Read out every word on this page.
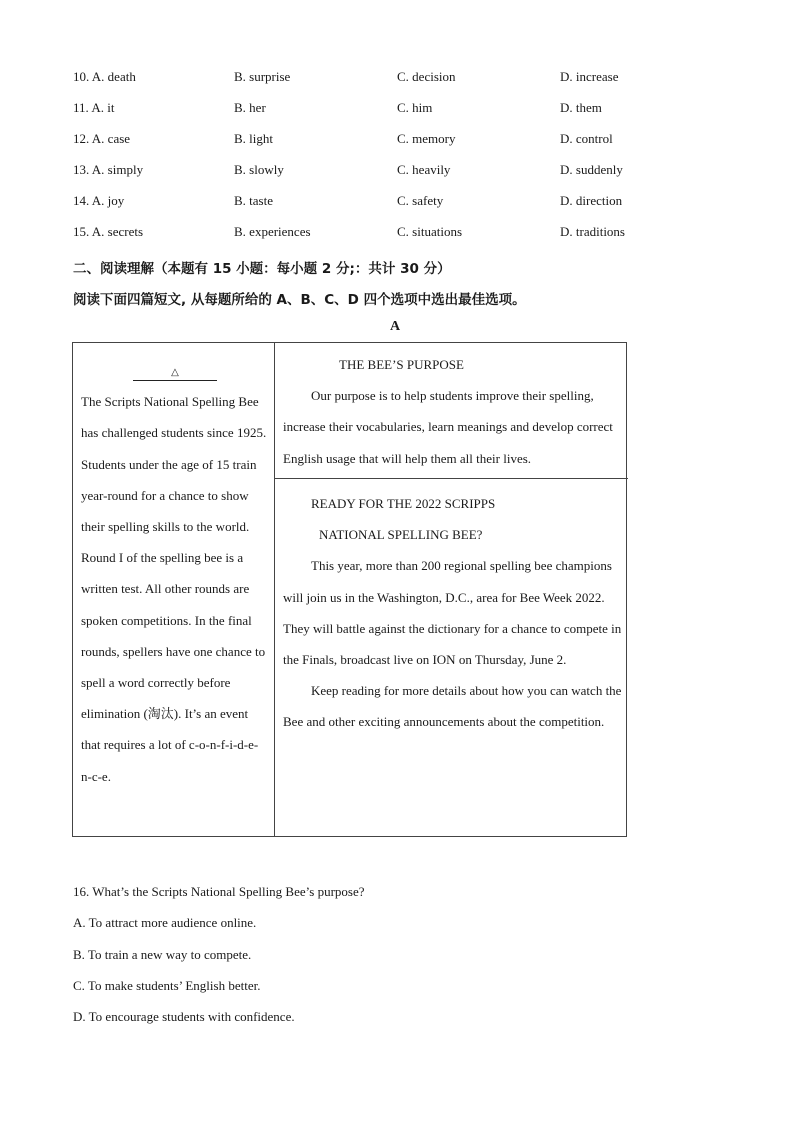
10. A. death	B. surprise	C. decision	D. increase
11. A. it	B. her	C. him	D. them
12. A. case	B. light	C. memory	D. control
13. A. simply	B. slowly	C. heavily	D. suddenly
14. A. joy	B. taste	C. safety	D. direction
15. A. secrets	B. experiences	C. situations	D. traditions
二、阅读理解（本题有 15 小题：每小题 2 分;：共计 30 分）
阅读下面四篇短文, 从每题所给的 A、B、C、D 四个选项中选出最佳选项。
A
△

The Scripts National Spelling Bee has challenged students since 1925. Students under the age of 15 train year-round for a chance to show their spelling skills to the world. Round I of the spelling bee is a written test. All other rounds are spoken competitions. In the final rounds, spellers have one chance to spell a word correctly before elimination (淘汰). It’s an event that requires a lot of c-o-n-f-i-d-e-n-c-e.

THE BEE’S PURPOSE

Our purpose is to help students improve their spelling, increase their vocabularies, learn meanings and develop correct English usage that will help them all their lives.

READY FOR THE 2022 SCRIPPS

NATIONAL SPELLING BEE?

This year, more than 200 regional spelling bee champions will join us in the Washington, D.C., area for Bee Week 2022. They will battle against the dictionary for a chance to compete in the Finals, broadcast live on ION on Thursday, June 2.

Keep reading for more details about how you can watch the Bee and other exciting announcements about the competition.

16. What’s the Scripts National Spelling Bee’s purpose?

A. To attract more audience online.

B. To train a new way to compete.

C. To make students’ English better.

D. To encourage students with confidence.
